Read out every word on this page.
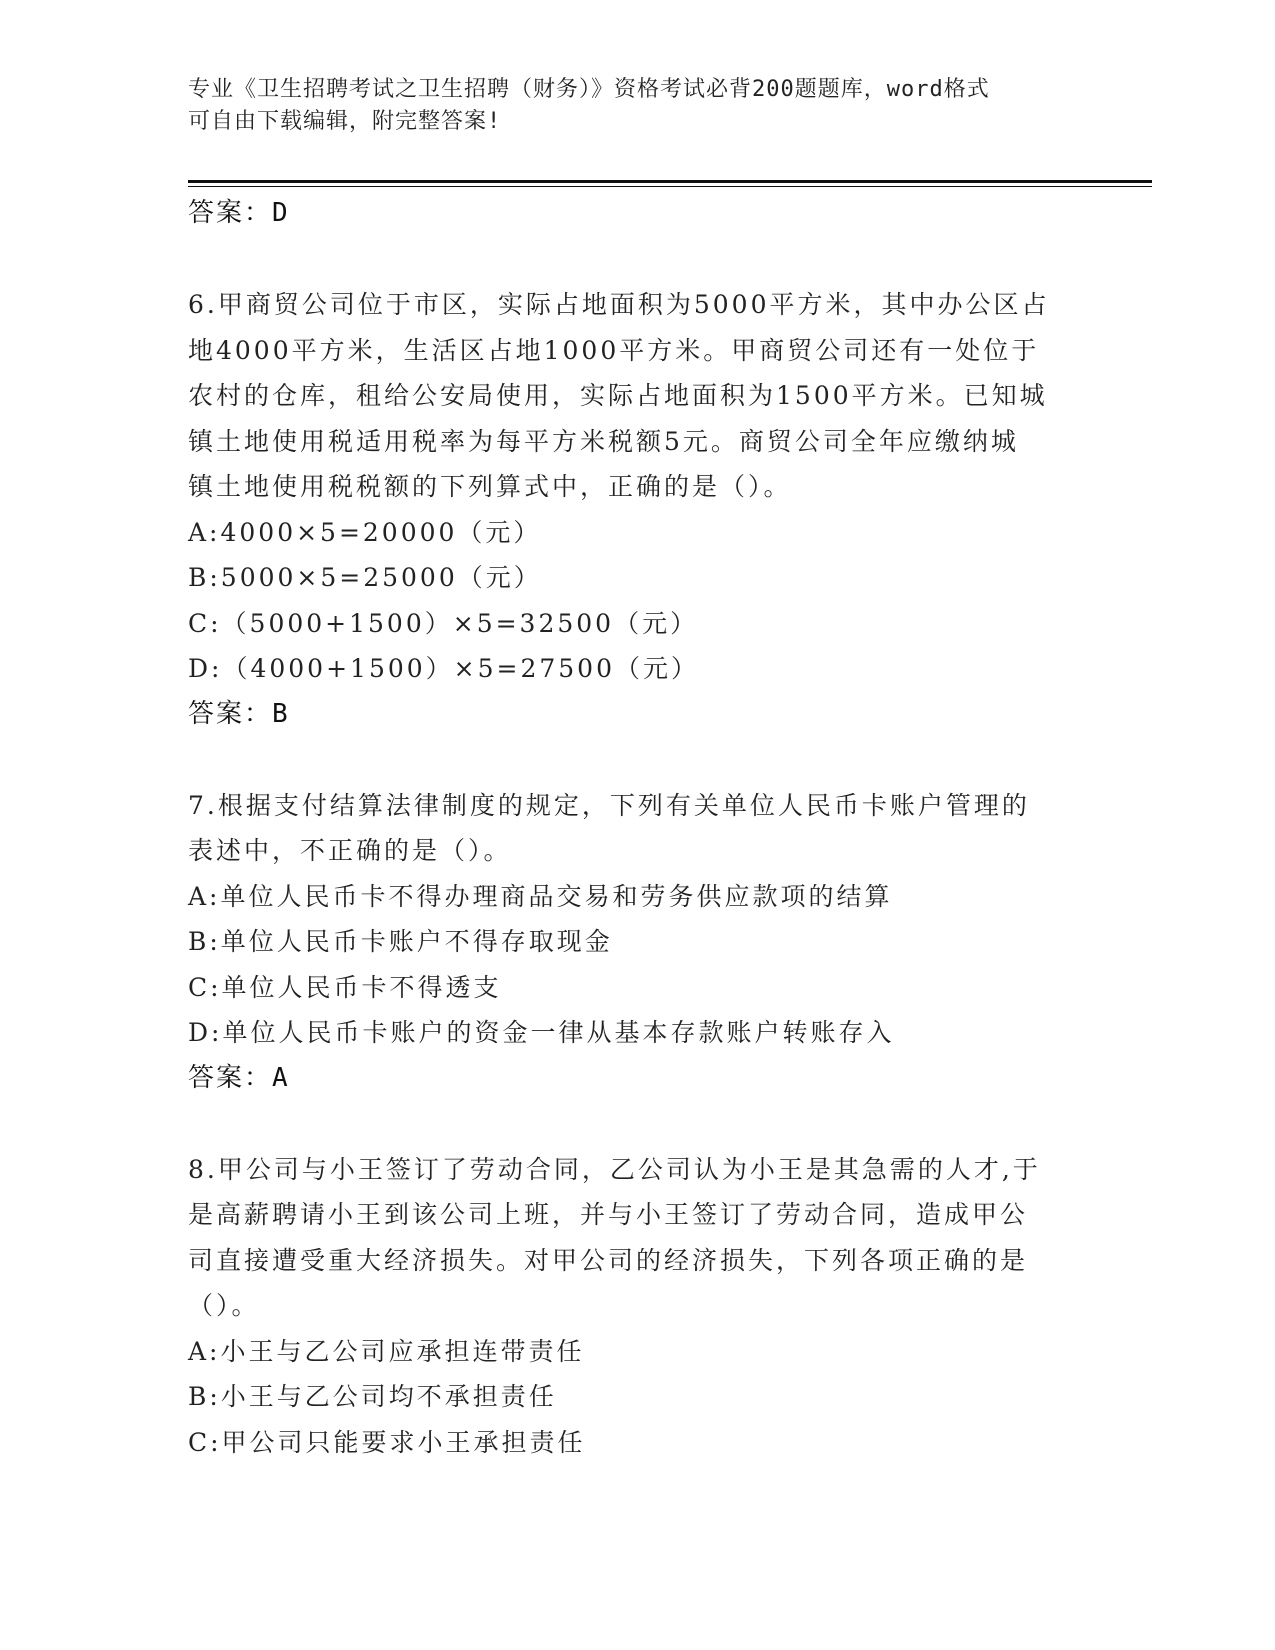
专业《卫生招聘考试之卫生招聘（财务）》资格考试必背200题题库，word格式
可自由下载编辑，附完整答案!
答案：D
6.甲商贸公司位于市区，实际占地面积为5000平方米，其中办公区占
地4000平方米，生活区占地1000平方米。甲商贸公司还有一处位于
农村的仓库，租给公安局使用，实际占地面积为1500平方米。已知城
镇土地使用税适用税率为每平方米税额5元。商贸公司全年应缴纳城
镇土地使用税税额的下列算式中，正确的是（）。
A:4000×5=20000（元）
B:5000×5=25000（元）
C:（5000+1500）×5=32500（元）
D:（4000+1500）×5=27500（元）
答案：B
7.根据支付结算法律制度的规定，下列有关单位人民币卡账户管理的
表述中，不正确的是（）。
A:单位人民币卡不得办理商品交易和劳务供应款项的结算
B:单位人民币卡账户不得存取现金
C:单位人民币卡不得透支
D:单位人民币卡账户的资金一律从基本存款账户转账存入
答案：A
8.甲公司与小王签订了劳动合同，乙公司认为小王是其急需的人才,于
是高薪聘请小王到该公司上班，并与小王签订了劳动合同，造成甲公
司直接遭受重大经济损失。对甲公司的经济损失，下列各项正确的是
（）。
A:小王与乙公司应承担连带责任
B:小王与乙公司均不承担责任
C:甲公司只能要求小王承担责任
